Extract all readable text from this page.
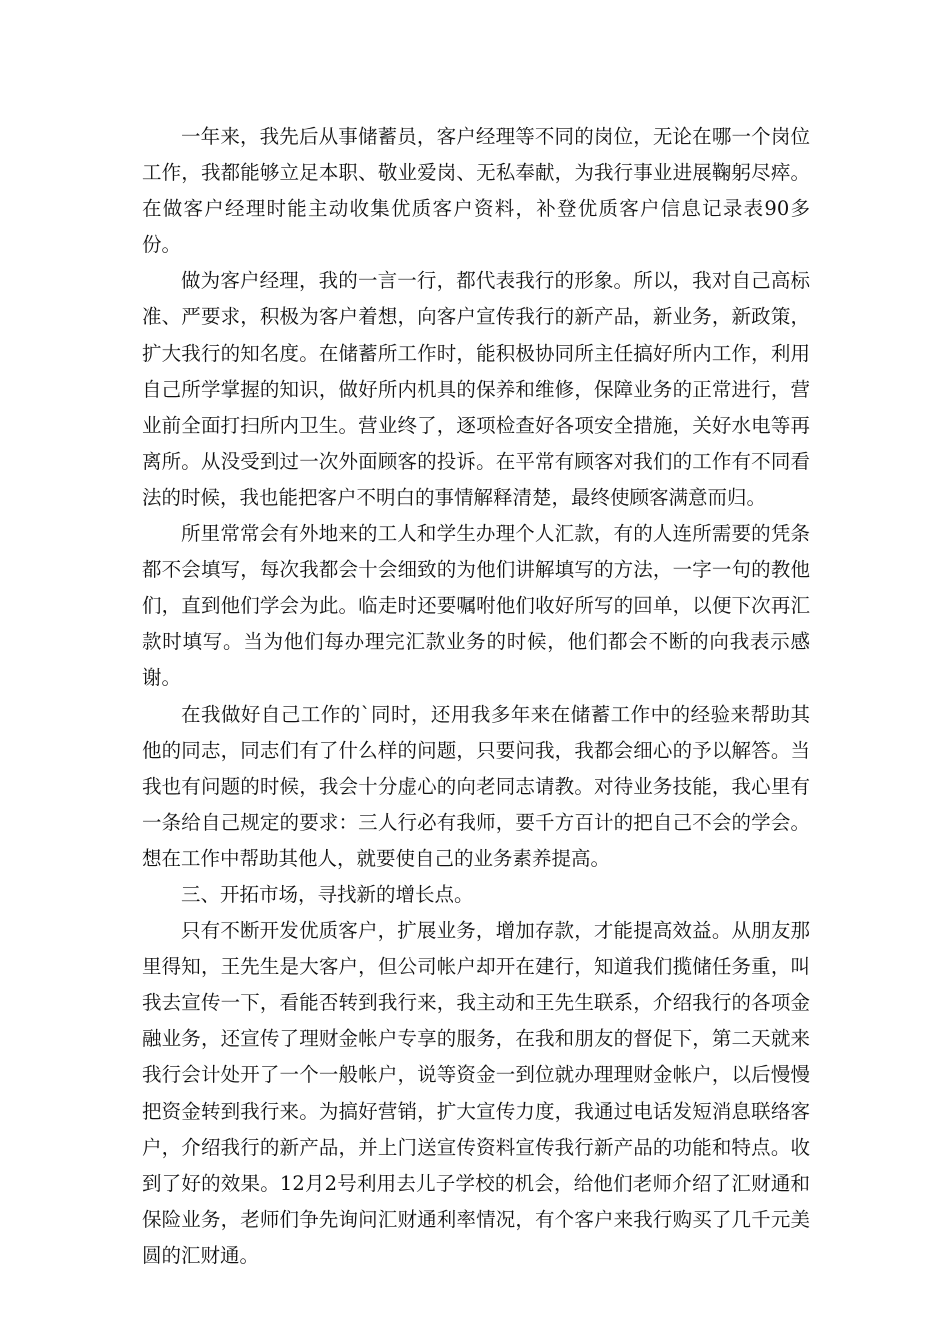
一年来，我先后从事储蓄员，客户经理等不同的岗位，无论在哪一个岗位工作，我都能够立足本职、敬业爱岗、无私奉献，为我行事业进展鞠躬尽瘁。在做客户经理时能主动收集优质客户资料，补登优质客户信息记录表90多份。

做为客户经理，我的一言一行，都代表我行的形象。所以，我对自己高标准、严要求，积极为客户着想，向客户宣传我行的新产品，新业务，新政策，扩大我行的知名度。在储蓄所工作时，能积极协同所主任搞好所内工作，利用自己所学掌握的知识，做好所内机具的保养和维修，保障业务的正常进行，营业前全面打扫所内卫生。营业终了，逐项检查好各项安全措施，关好水电等再离所。从没受到过一次外面顾客的投诉。在平常有顾客对我们的工作有不同看法的时候，我也能把客户不明白的事情解释清楚，最终使顾客满意而归。

所里常常会有外地来的工人和学生办理个人汇款，有的人连所需要的凭条都不会填写，每次我都会十会细致的为他们讲解填写的方法，一字一句的教他们，直到他们学会为此。临走时还要嘱咐他们收好所写的回单，以便下次再汇款时填写。当为他们每办理完汇款业务的时候，他们都会不断的向我表示感谢。

在我做好自己工作的`同时，还用我多年来在储蓄工作中的经验来帮助其他的同志，同志们有了什么样的问题，只要问我，我都会细心的予以解答。当我也有问题的时候，我会十分虚心的向老同志请教。对待业务技能，我心里有一条给自己规定的要求：三人行必有我师，要千方百计的把自己不会的学会。想在工作中帮助其他人，就要使自己的业务素养提高。

三、开拓市场，寻找新的增长点。

只有不断开发优质客户，扩展业务，增加存款，才能提高效益。从朋友那里得知，王先生是大客户，但公司帐户却开在建行，知道我们揽储任务重，叫我去宣传一下，看能否转到我行来，我主动和王先生联系，介绍我行的各项金融业务，还宣传了理财金帐户专享的服务，在我和朋友的督促下，第二天就来我行会计处开了一个一般帐户，说等资金一到位就办理理财金帐户，以后慢慢把资金转到我行来。为搞好营销，扩大宣传力度，我通过电话发短消息联络客户，介绍我行的新产品，并上门送宣传资料宣传我行新产品的功能和特点。收到了好的效果。12月2号利用去儿子学校的机会，给他们老师介绍了汇财通和保险业务，老师们争先询问汇财通利率情况，有个客户来我行购买了几千元美圆的汇财通。
